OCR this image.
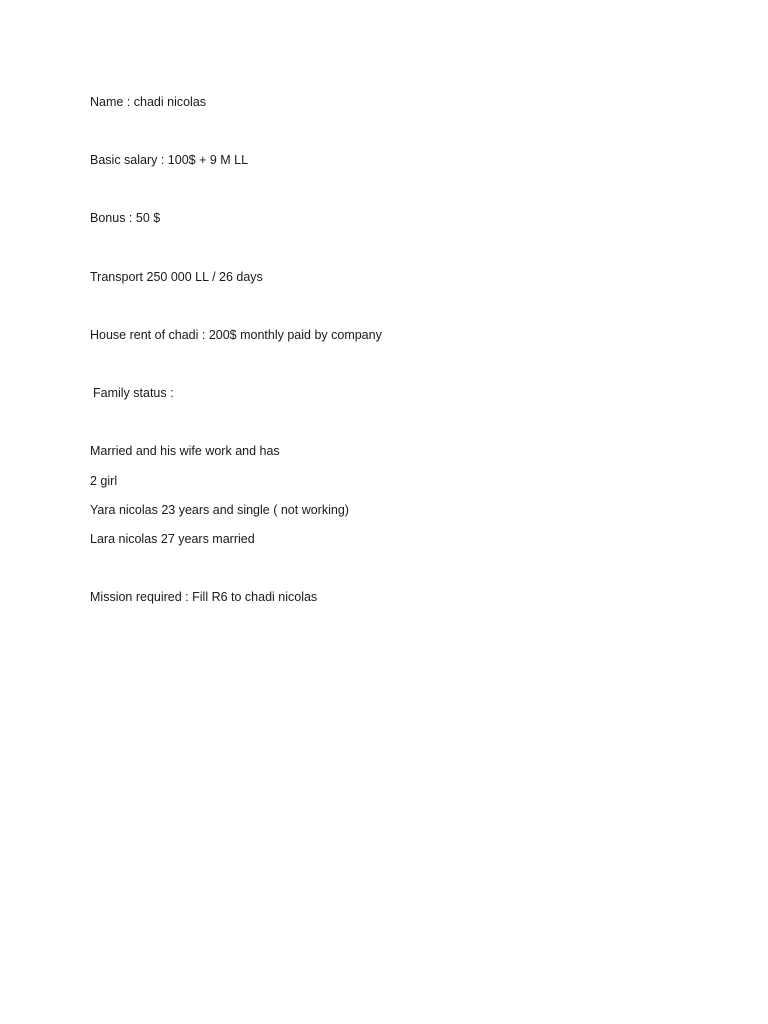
Name : chadi nicolas
Basic salary : 100$ + 9 M LL
Bonus : 50 $
Transport 250 000 LL / 26 days
House rent of chadi : 200$ monthly paid by company
Family status :
Married and his wife work and has
2 girl
Yara nicolas 23 years and single ( not working)
Lara nicolas 27 years married
Mission required : Fill R6 to chadi nicolas
